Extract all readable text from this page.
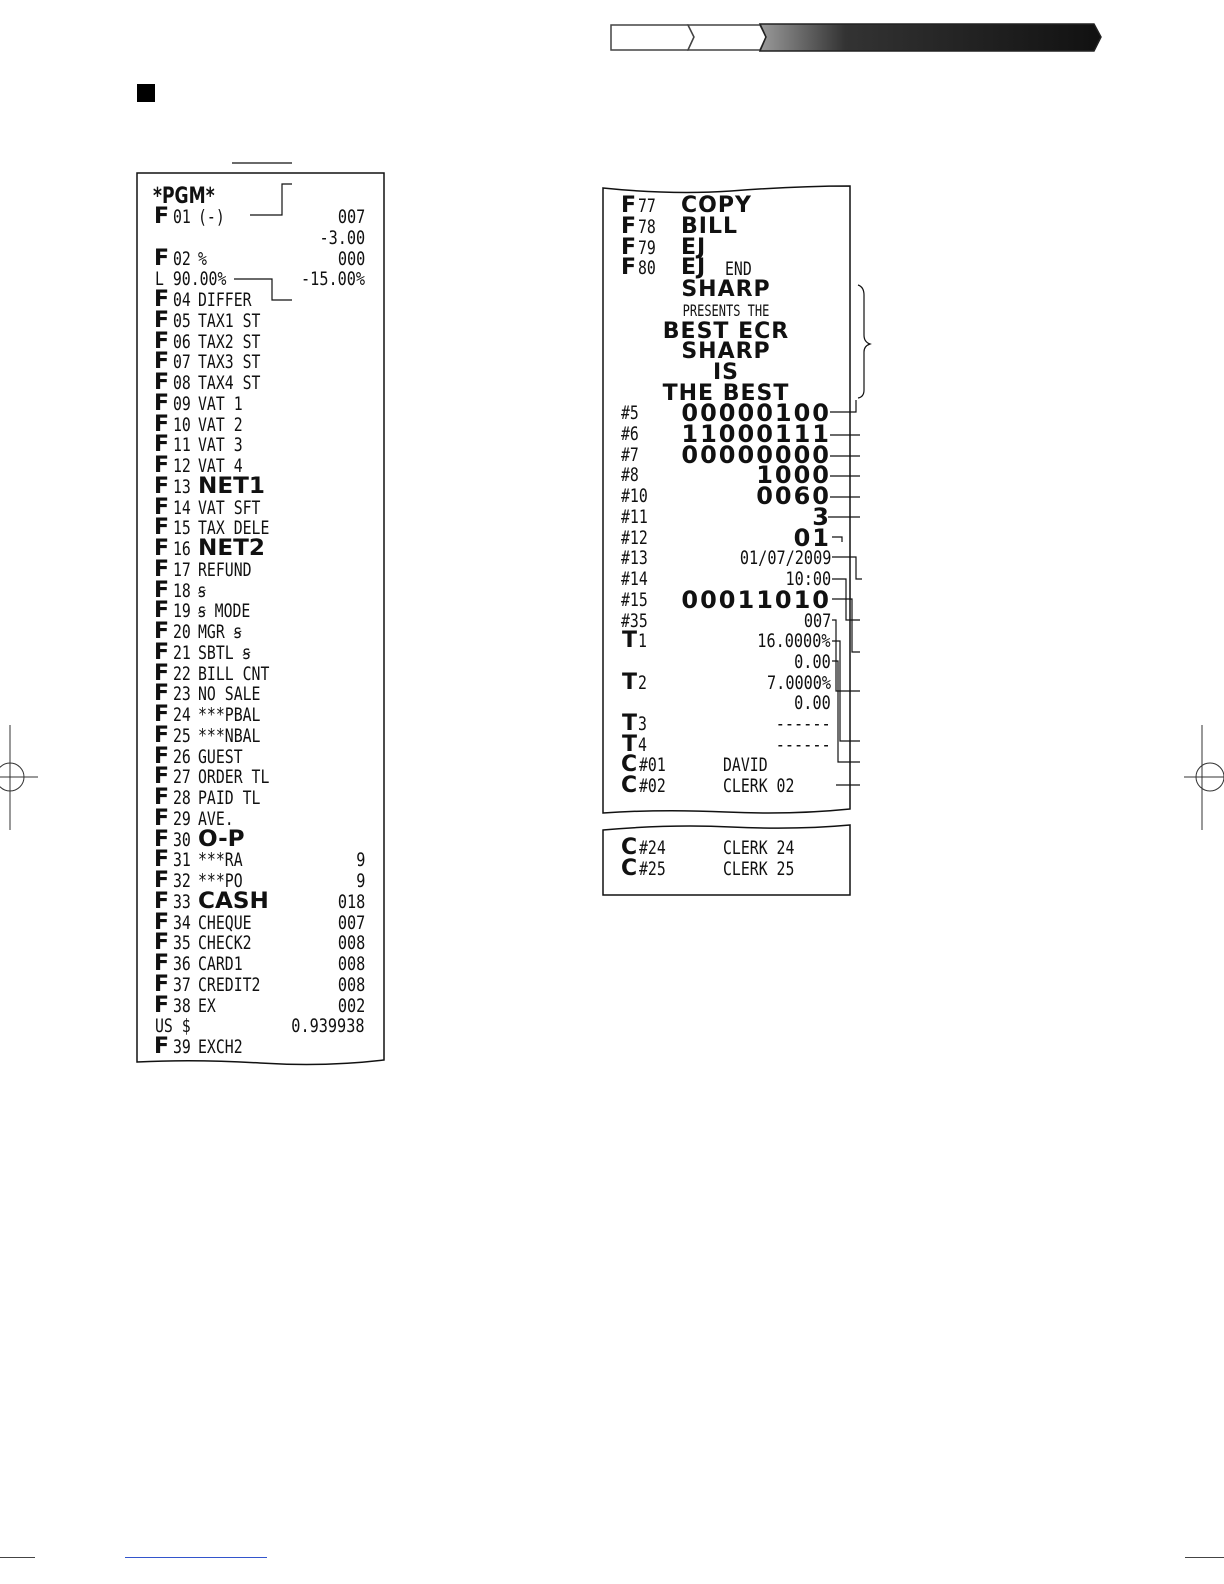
*PGM*
F 01 (-)	007
-3.00
F 02 %	000
L 90.00%	-15.00%
F 04 DIFFER
F 05 TAX1 ST
F 06 TAX2 ST
F 07 TAX3 ST
F 08 TAX4 ST
F 09 VAT 1
F 10 VAT 2
F 11 VAT 3
F 12 VAT 4
F 13 NET1
F 14 VAT SFT
F 15 TAX DELE
F 16 NET2
F 17 REFUND
F 18 ꞩ
F 19 ꞩ MODE
F 20 MGR ꞩ
F 21 SBTL ꞩ
F 22 BILL CNT
F 23 NO SALE
F 24 ***PBAL
F 25 ***NBAL
F 26 GUEST
F 27 ORDER TL
F 28 PAID TL
F 29 AVE.
F 30 O-P
F 31 ***RA	9
F 32 ***PO	9
F 33 CASH	018
F 34 CHEQUE	007
F 35 CHECK2	008
F 36 CARD1	008
F 37 CREDIT2	008
F 38 EX	002
US $	0.939938
F 39 EXCH2
F 77 COPY
F 78 BILL
F 79 EJ
F 80 EJ END
SHARP
PRESENTS THE
BEST ECR
SHARP
IS
THE BEST
#5 00000100
#6 11000111
#7 00000000
#8	1000
#10	0060
#11	3
#12	01
#13	01/07/2009
#14	10:00
#15 00011010
#35	007
T 1	16.0000%
0.00
T 2	7.0000%
0.00
T 3	------
T 4	------
C #01	DAVID
C #02	CLERK 02
C #24	CLERK 24
C #25	CLERK 25
